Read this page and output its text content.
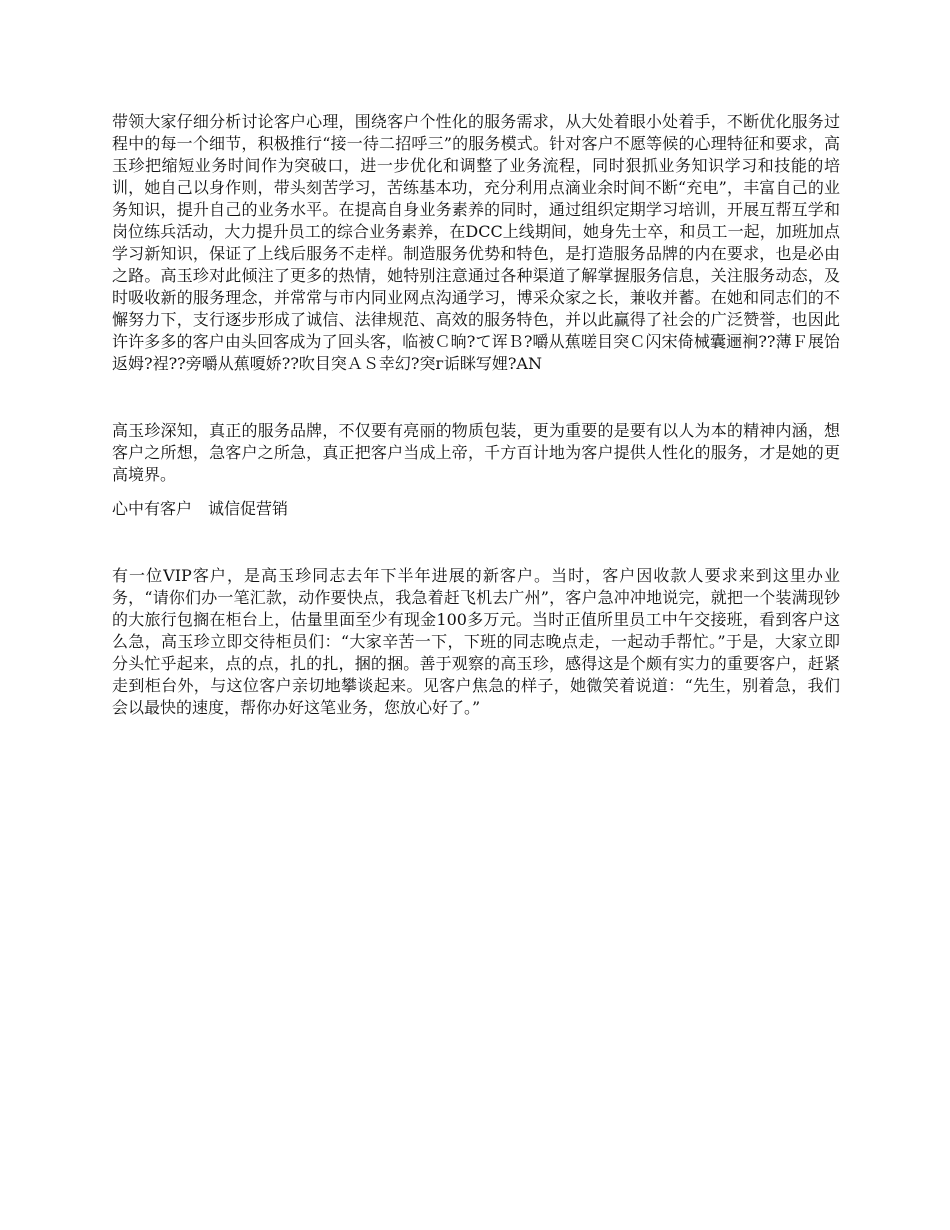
带领大家仔细分析讨论客户心理，围绕客户个性化的服务需求，从大处着眼小处着手，不断优化服务过程中的每一个细节，积极推行“接一待二招呼三”的服务模式。针对客户不愿等候的心理特征和要求，高玉珍把缩短业务时间作为突破口，进一步优化和调整了业务流程，同时狠抓业务知识学习和技能的培训，她自己以身作则，带头刻苦学习，苦练基本功，充分利用点滴业余时间不断“充电”，丰富自己的业务知识，提升自己的业务水平。在提高自身业务素养的同时，通过组织定期学习培训，开展互帮互学和岗位练兵活动，大力提升员工的综合业务素养，在DCC上线期间，她身先士卒，和员工一起，加班加点学习新知识，保证了上线后服务不走样。制造服务优势和特色，是打造服务品牌的内在要求，也是必由之路。高玉珍对此倾注了更多的热情，她特别注意通过各种渠道了解掌握服务信息，关注服务动态，及时吸收新的服务理念，并常常与市内同业网点沟通学习，博采众家之长，兼收并蓄。在她和同志们的不懈努力下，支行逐步形成了诚信、法律规范、高效的服务特色，并以此赢得了社会的广泛赞誉，也因此许许多多的客户由头回客成为了回头客，临被Ｃ晌?て诨Ｂ?嚼从蕉嗟目突Ｃ闪宋倚械囊逦裥??薄Ｆ展饴返姆?裎??旁嚼从蕉嗄娇??吹目突ＡＳ幸幻?突г诟眯写娌?AN

高玉珍深知，真正的服务品牌，不仅要有亮丽的物质包装，更为重要的是要有以人为本的精神内涵，想客户之所想，急客户之所急，真正把客户当成上帝，千方百计地为客户提供人性化的服务，才是她的更高境界。

心中有客户　诚信促营销

有一位VIP客户，是高玉珍同志去年下半年进展的新客户。当时，客户因收款人要求来到这里办业务，“请你们办一笔汇款，动作要快点，我急着赶飞机去广州”，客户急冲冲地说完，就把一个装满现钞的大旅行包搁在柜台上，估量里面至少有现金100多万元。当时正值所里员工中午交接班，看到客户这么急，高玉珍立即交待柜员们：“大家辛苦一下，下班的同志晚点走，一起动手帮忙。”于是，大家立即分头忙乎起来，点的点，扎的扎，捆的捆。善于观察的高玉珍，感得这是个颇有实力的重要客户，赶紧走到柜台外，与这位客户亲切地攀谈起来。见客户焦急的样子，她微笑着说道：“先生，别着急，我们会以最快的速度，帮你办好这笔业务，您放心好了。”
